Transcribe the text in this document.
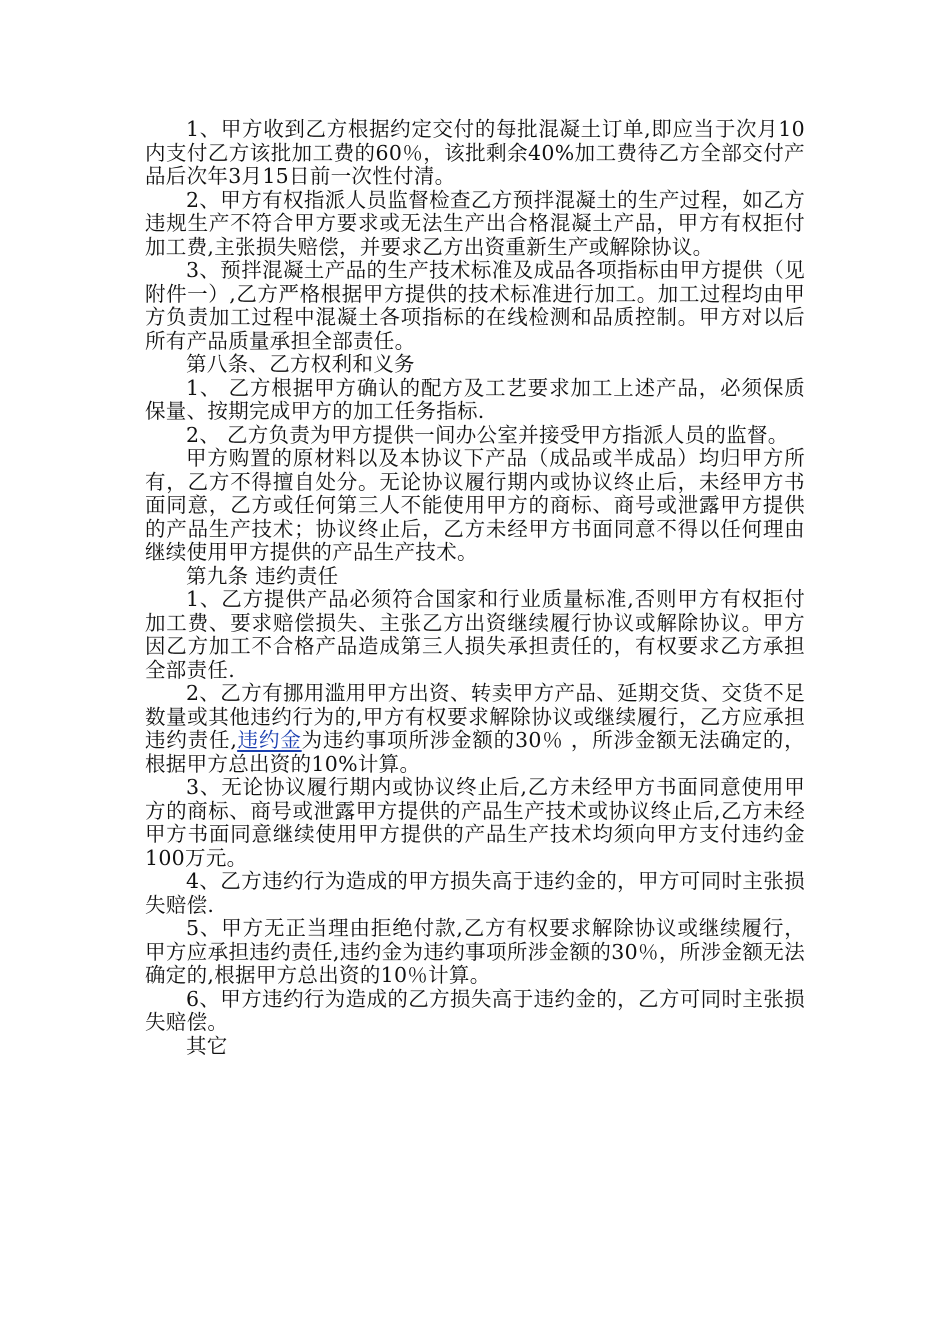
1、甲方收到乙方根据约定交付的每批混凝土订单,即应当于次月10内支付乙方该批加工费的60％，该批剩余40%加工费待乙方全部交付产品后次年3月15日前一次性付清。

2、甲方有权指派人员监督检查乙方预拌混凝土的生产过程，如乙方违规生产不符合甲方要求或无法生产出合格混凝土产品，甲方有权拒付加工费,主张损失赔偿，并要求乙方出资重新生产或解除协议。

3、预拌混凝土产品的生产技术标准及成品各项指标由甲方提供（见附件一）,乙方严格根据甲方提供的技术标准进行加工。加工过程均由甲方负责加工过程中混凝土各项指标的在线检测和品质控制。甲方对以后所有产品质量承担全部责任。

第八条、乙方权利和义务

1、 乙方根据甲方确认的配方及工艺要求加工上述产品，必须保质保量、按期完成甲方的加工任务指标.

2、 乙方负责为甲方提供一间办公室并接受甲方指派人员的监督。

甲方购置的原材料以及本协议下产品（成品或半成品）均归甲方所有，乙方不得擅自处分。无论协议履行期内或协议终止后，未经甲方书面同意，乙方或任何第三人不能使用甲方的商标、商号或泄露甲方提供的产品生产技术；协议终止后，乙方未经甲方书面同意不得以任何理由继续使用甲方提供的产品生产技术。

第九条 违约责任

1、乙方提供产品必须符合国家和行业质量标准,否则甲方有权拒付加工费、要求赔偿损失、主张乙方出资继续履行协议或解除协议。甲方因乙方加工不合格产品造成第三人损失承担责任的，有权要求乙方承担全部责任.

2、乙方有挪用滥用甲方出资、转卖甲方产品、延期交货、交货不足数量或其他违约行为的,甲方有权要求解除协议或继续履行，乙方应承担违约责任,违约金为违约事项所涉金额的30％ ，所涉金额无法确定的，根据甲方总出资的10%计算。

3、无论协议履行期内或协议终止后,乙方未经甲方书面同意使用甲方的商标、商号或泄露甲方提供的产品生产技术或协议终止后,乙方未经甲方书面同意继续使用甲方提供的产品生产技术均须向甲方支付违约金100万元。

4、乙方违约行为造成的甲方损失高于违约金的，甲方可同时主张损失赔偿.

5、甲方无正当理由拒绝付款,乙方有权要求解除协议或继续履行，甲方应承担违约责任,违约金为违约事项所涉金额的30％，所涉金额无法确定的,根据甲方总出资的10％计算。

6、甲方违约行为造成的乙方损失高于违约金的，乙方可同时主张损失赔偿。

其它
